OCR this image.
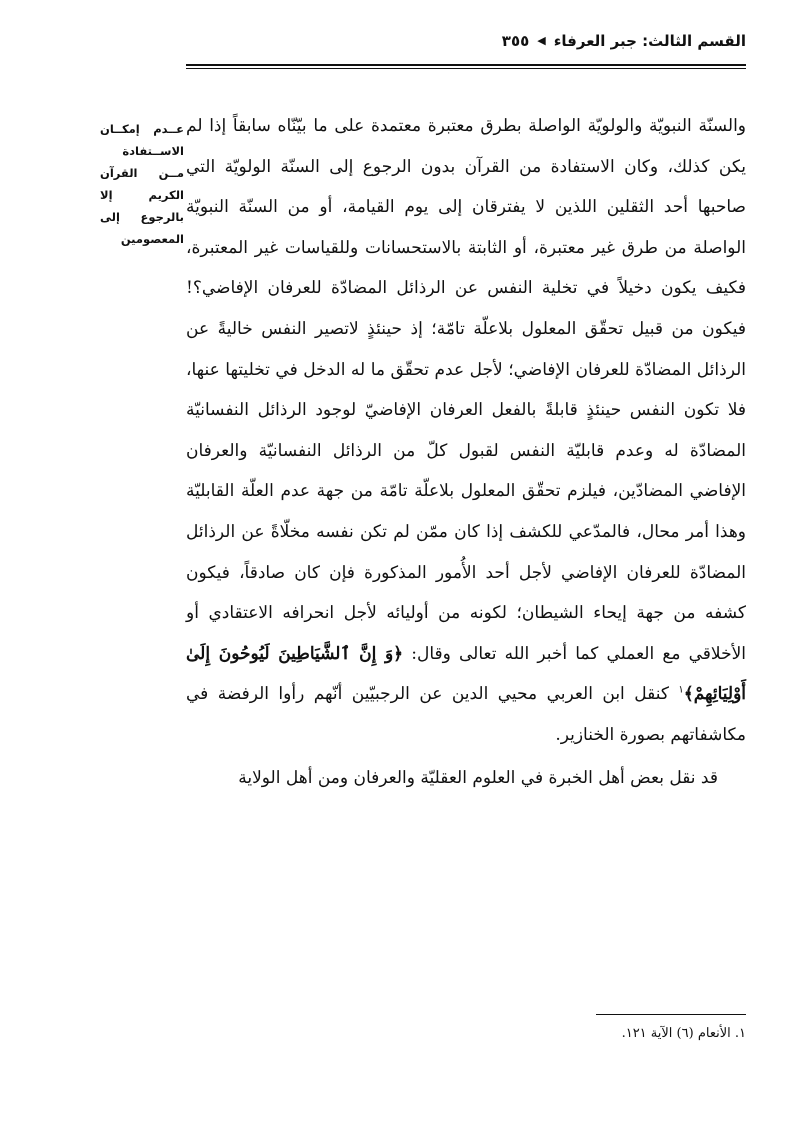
القسم الثالث: جبر العرفاء
◀
٣٥٥
عــدم إمكــان الاســتفادة مــن القرآن الكريم إلا بالرجوع إلى المعصومين

والسنّة النبويّة والولويّة الواصلة بطرق معتبرة معتمدة على ما بيّنّاه سابقاً إذا لم يكن كذلك، وكان الاستفادة من القرآن بدون الرجوع إلى السنّة الولويّة التي صاحبها أحد الثقلين اللذين لا يفترقان إلى يوم القيامة، أو من السنّة النبويّة الواصلة من طرق غير معتبرة، أو الثابتة بالاستحسانات وللقياسات غير المعتبرة، فكيف يكون دخيلاً في تخلية النفس عن الرذائل المضادّة للعرفان الإفاضي؟! فيكون من قبيل تحقّق المعلول بلاعلّة تامّة؛ إذ حينئذٍ لاتصير النفس خاليةً عن الرذائل المضادّة للعرفان الإفاضي؛ لأجل عدم تحقّق ما له الدخل في تخليتها عنها، فلا تكون النفس حينئذٍ قابلةً بالفعل العرفان الإفاضيّ لوجود الرذائل النفسانيّة المضادّة له وعدم قابليّة النفس لقبول كلّ من الرذائل النفسانيّة والعرفان الإفاضي المضادّين، فيلزم تحقّق المعلول بلاعلّة تامّة من جهة عدم العلّة القابليّة وهذا أمر محال، فالمدّعي للكشف إذا كان ممّن لم تكن نفسه مخلّاةً عن الرذائل المضادّة للعرفان الإفاضي لأجل أحد الأُمور المذكورة فإن كان صادقاً، فيكون كشفه من جهة إيحاء الشيطان؛ لكونه من أوليائه لأجل انحرافه الاعتقادي أو الأخلاقي مع العملي كما أخبر الله تعالى وقال: ﴿وَ إِنَّ ٱلشَّيَاطِينَ لَيُوحُونَ إِلَىٰ أَوْلِيَائِهِمْ﴾$^١$ كنقل ابن العربي محيي الدين عن الرجبيّين أنّهم رأوا الرفضة في مكاشفاتهم بصورة الخنازير.

قد نقل بعض أهل الخبرة في العلوم العقليّة والعرفان ومن أهل الولاية

١. الأنعام (٦) الآية ١٢١.
